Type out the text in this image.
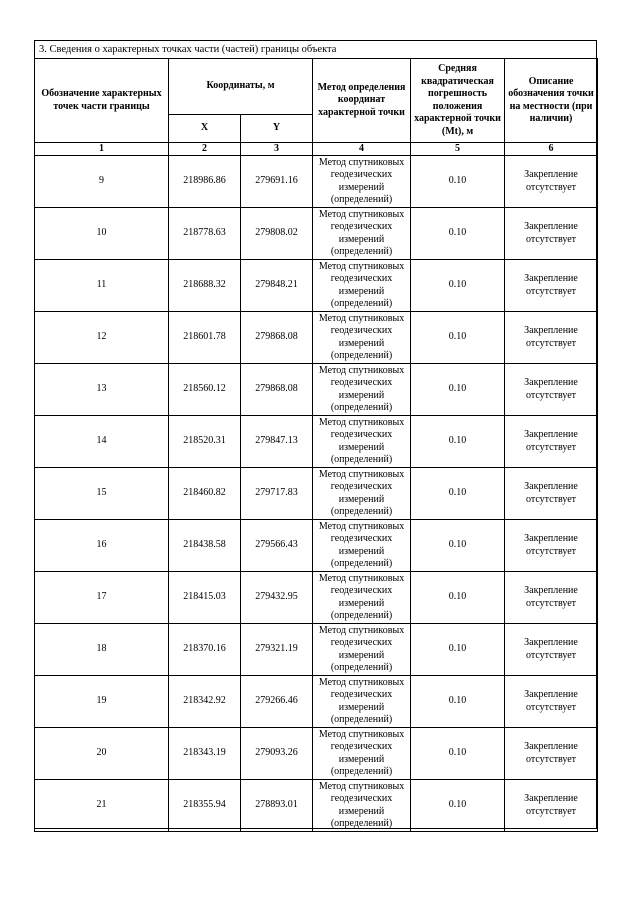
3. Сведения о характерных точках части (частей) границы объекта
Обозначение характерных точек части границы	Координаты, м		Метод определения координат характерной точки	Средняя квадратическая погрешность положения характерной точки (Mt), м	Описание обозначения точки на местности (при наличии)
	X	Y			
1	2	3	4	5	6
9	218986.86	279691.16	Метод спутниковых геодезических измерений (определений)	0.10	Закрепление отсутствует
10	218778.63	279808.02	Метод спутниковых геодезических измерений (определений)	0.10	Закрепление отсутствует
11	218688.32	279848.21	Метод спутниковых геодезических измерений (определений)	0.10	Закрепление отсутствует
12	218601.78	279868.08	Метод спутниковых геодезических измерений (определений)	0.10	Закрепление отсутствует
13	218560.12	279868.08	Метод спутниковых геодезических измерений (определений)	0.10	Закрепление отсутствует
14	218520.31	279847.13	Метод спутниковых геодезических измерений (определений)	0.10	Закрепление отсутствует
15	218460.82	279717.83	Метод спутниковых геодезических измерений (определений)	0.10	Закрепление отсутствует
16	218438.58	279566.43	Метод спутниковых геодезических измерений (определений)	0.10	Закрепление отсутствует
17	218415.03	279432.95	Метод спутниковых геодезических измерений (определений)	0.10	Закрепление отсутствует
18	218370.16	279321.19	Метод спутниковых геодезических измерений (определений)	0.10	Закрепление отсутствует
19	218342.92	279266.46	Метод спутниковых геодезических измерений (определений)	0.10	Закрепление отсутствует
20	218343.19	279093.26	Метод спутниковых геодезических измерений (определений)	0.10	Закрепление отсутствует
21	218355.94	278893.01	Метод спутниковых геодезических измерений (определений)	0.10	Закрепление отсутствует
